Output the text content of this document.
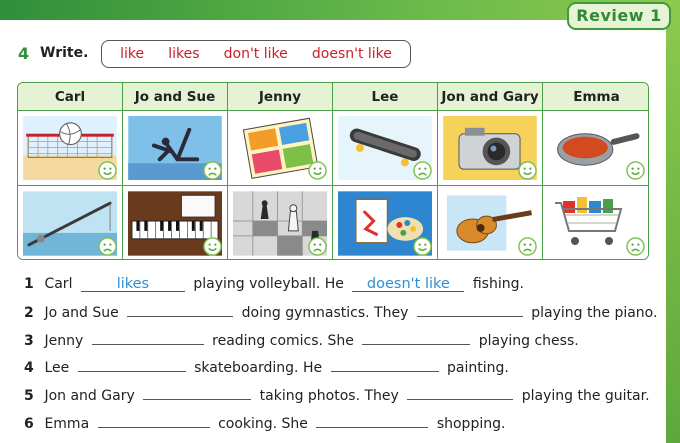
Review 1
4 Write. like likes don't like doesn't like
Carl	Jo and Sue	Jenny	Lee	Jon and Gary	Emma
1 Carl	likes	playing volleyball. He doesn't like fishing.
2 Jo and Sue	doing gymnastics. They	playing the piano.
3 Jenny	reading comics. She	playing chess.
4 Lee	skateboarding. He	painting.
5 Jon and Gary	taking photos. They	playing the guitar.
6 Emma	cooking. She	shopping.
